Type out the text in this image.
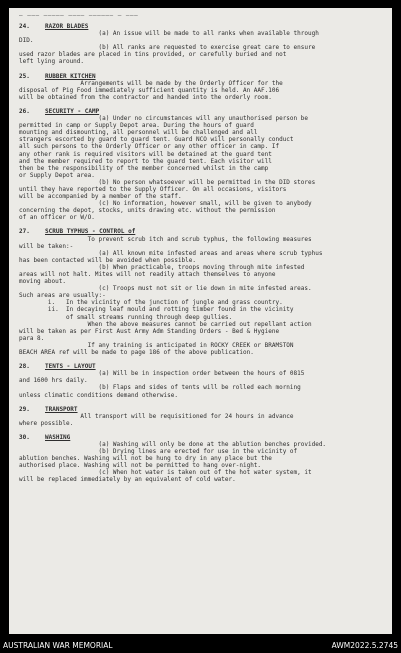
— ——— ————— ———— —————— — ———
24.	RAZOR BLADES
(a) An issue will be made to all ranks when available through
DID.
(b) All ranks are requested to exercise great care to ensure
used razor blades are placed in tins provided, or carefully buried and not
left lying around.
25.	RUBBER KITCHEN
Arrangements will be made by the Orderly Officer for the
disposal of Pig Food immediately sufficient quantity is held. An AAF.106
will be obtained from the contractor and handed into the orderly room.
26.	SECURITY - CAMP
(a) Under no circumstances will any unauthorised person be
permitted in camp or Supply Depot area. During the hours of guard
mounting and dismounting, all personnel will be challenged and all
strangers escorted by guard to guard tent. Guard NCO will personally conduct
all such persons to the Orderly Officer or any other officer in camp. If
any other rank is required visitors will be detained at the guard tent
and the member required to report to the guard tent. Each visitor will
then be the responsibility of the member concerned whilst in the camp
or Supply Depot area.
(b) No person whatsoever will be permitted in the DID stores
until they have reported to the Supply Officer. On all occasions, visitors
will be accompanied by a member of the staff.
(c) No information, however small, will be given to anybody
concerning the depot, stocks, units drawing etc. without the permission
of an officer or W/O.
27.	SCRUB TYPHUS - CONTROL of
To prevent scrub itch and scrub typhus, the following measures
will be taken:-
(a) All known mite infested areas and areas where scrub typhus
has been contacted will be avoided when possible.
(b) When practicable, troops moving through mite infested
areas will not halt. Mites will not readily attach themselves to anyone
moving about.
(c) Troops must not sit or lie down in mite infested areas.
Such areas are usually:-
i.   In the vicinity of the junction of jungle and grass country.
ii.  In decaying leaf mould and rotting timber found in the vicinity
of small streams running through deep gullies.
When the above measures cannot be carried out repellant action
will be taken as per First Aust Army Adm Standing Orders - Bed & Hygiene
para 8.
If any training is anticipated in ROCKY CREEK or BRAMSTON
BEACH AREA ref will be made to page 186 of the above publication.
28.	TENTS - LAYOUT
(a) Will be in inspection order between the hours of 0815
and 1600 hrs daily.
(b) Flaps and sides of tents will be rolled each morning
unless climatic conditions demand otherwise.
29.	TRANSPORT
All transport will be requisitioned for 24 hours in advance
where possible.
30.	WASHING
(a) Washing will only be done at the ablution benches provided.
(b) Drying lines are erected for use in the vicinity of
ablution benches. Washing will not be hung to dry in any place but the
authorised place. Washing will not be permitted to hang over-night.
(c) When hot water is taken out of the hot water system, it
will be replaced immediately by an equivalent of cold water.
AUSTRALIAN WAR MEMORIAL	AWM2022.5.2745
